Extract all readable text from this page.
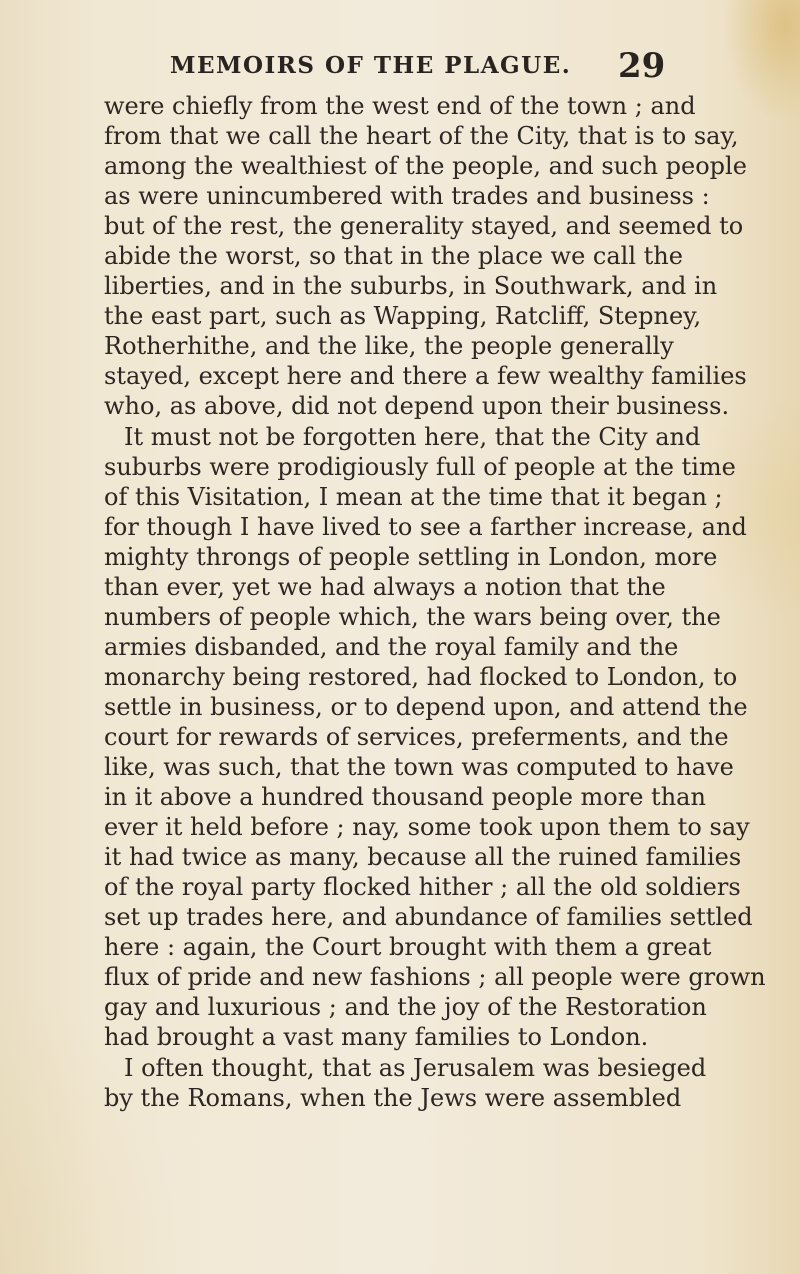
MEMOIRS OF THE PLAGUE.	29
were chiefly from the west end of the town ; and
from that we call the heart of the City, that is to say,
among the wealthiest of the people, and such people
as were unincumbered with trades and business :
but of the rest, the generality stayed, and seemed to
abide the worst, so that in the place we call the
liberties, and in the suburbs, in Southwark, and in
the east part, such as Wapping, Ratcliff, Stepney,
Rotherhithe, and the like, the people generally
stayed, except here and there a few wealthy families
who, as above, did not depend upon their business.
It must not be forgotten here, that the City and
suburbs were prodigiously full of people at the time
of this Visitation, I mean at the time that it began ;
for though I have lived to see a farther increase, and
mighty throngs of people settling in London, more
than ever, yet we had always a notion that the
numbers of people which, the wars being over, the
armies disbanded, and the royal family and the
monarchy being restored, had flocked to London, to
settle in business, or to depend upon, and attend the
court for rewards of services, preferments, and the
like, was such, that the town was computed to have
in it above a hundred thousand people more than
ever it held before ; nay, some took upon them to say
it had twice as many, because all the ruined families
of the royal party flocked hither ; all the old soldiers
set up trades here, and abundance of families settled
here : again, the Court brought with them a great
flux of pride and new fashions ; all people were grown
gay and luxurious ; and the joy of the Restoration
had brought a vast many families to London.
I often thought, that as Jerusalem was besieged
by the Romans, when the Jews were assembled
